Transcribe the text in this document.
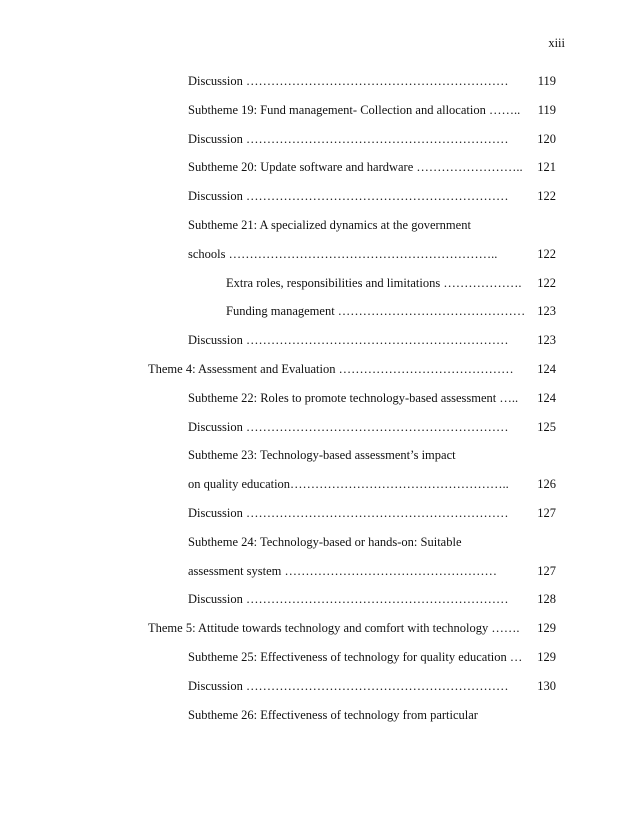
xiii
Discussion ……………………………………………………… 119
Subtheme 19: Fund management- Collection and allocation …….. 119
Discussion ……………………………………………………… 120
Subtheme 20: Update software and hardware …………………….. 121
Discussion ……………………………………………………… 122
Subtheme 21: A specialized dynamics at the government
schools ………………………………………………………..	122
Extra roles, responsibilities and limitations ………………. 122
Funding management ……………………………………… 123
Discussion ……………………………………………………… 123
Theme 4: Assessment and Evaluation …………………………………… 124
Subtheme 22: Roles to promote technology-based assessment ….. 124
Discussion ……………………………………………………… 125
Subtheme 23: Technology-based assessment’s impact
on quality education…………………………………………….. 126
Discussion ……………………………………………………… 127
Subtheme 24: Technology-based or hands-on: Suitable
assessment system ……………………………………………	127
Discussion ……………………………………………………… 128
Theme 5: Attitude towards technology and comfort with technology ……. 129
Subtheme 25: Effectiveness of technology for quality education … 129
Discussion ……………………………………………………… 130
Subtheme 26: Effectiveness of technology from particular
